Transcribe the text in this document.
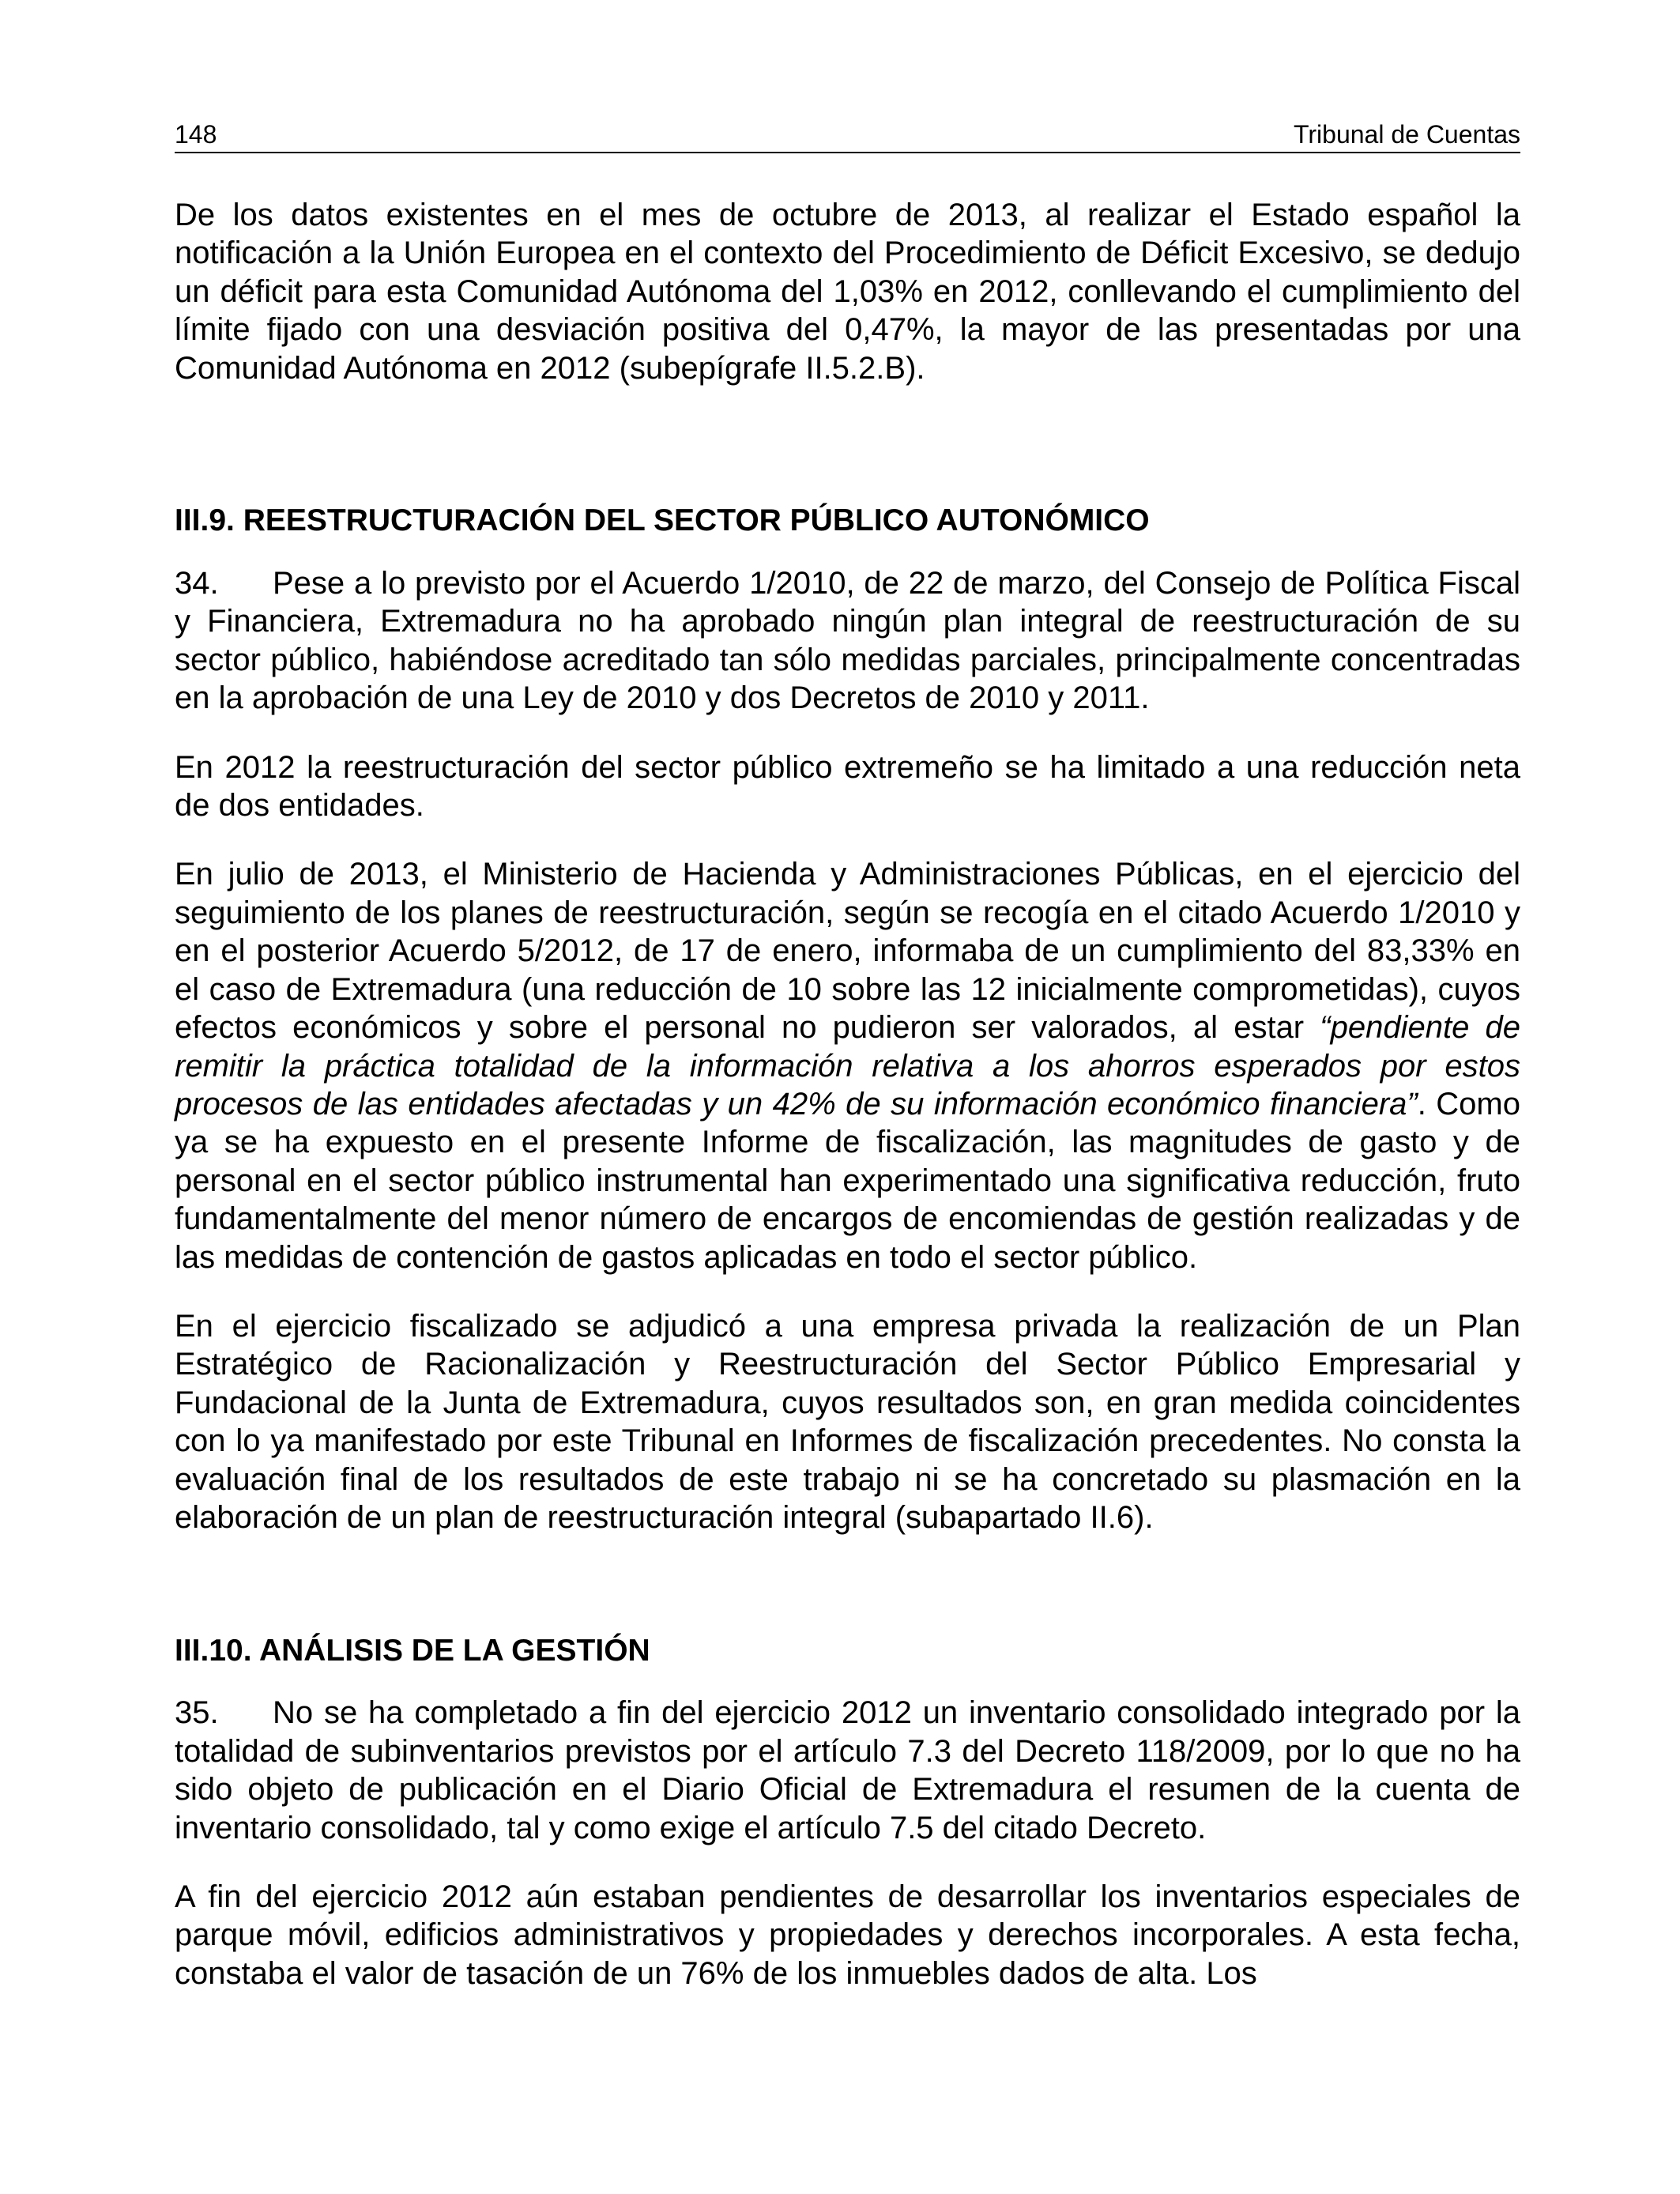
148	Tribunal de Cuentas

De los datos existentes en el mes de octubre de 2013, al realizar el Estado español la notificación a la Unión Europea en el contexto del Procedimiento de Déficit Excesivo, se dedujo un déficit para esta Comunidad Autónoma del 1,03% en 2012, conllevando el cumplimiento del límite fijado con una desviación positiva del 0,47%, la mayor de las presentadas por una Comunidad Autónoma en 2012 (subepígrafe II.5.2.B).

III.9. REESTRUCTURACIÓN DEL SECTOR PÚBLICO AUTONÓMICO

34. Pese a lo previsto por el Acuerdo 1/2010, de 22 de marzo, del Consejo de Política Fiscal y Financiera, Extremadura no ha aprobado ningún plan integral de reestructuración de su sector público, habiéndose acreditado tan sólo medidas parciales, principalmente concentradas en la aprobación de una Ley de 2010 y dos Decretos de 2010 y 2011.

En 2012 la reestructuración del sector público extremeño se ha limitado a una reducción neta de dos entidades.

En julio de 2013, el Ministerio de Hacienda y Administraciones Públicas, en el ejercicio del seguimiento de los planes de reestructuración, según se recogía en el citado Acuerdo 1/2010 y en el posterior Acuerdo 5/2012, de 17 de enero, informaba de un cumplimiento del 83,33% en el caso de Extremadura (una reducción de 10 sobre las 12 inicialmente comprometidas), cuyos efectos económicos y sobre el personal no pudieron ser valorados, al estar “pendiente de remitir la práctica totalidad de la información relativa a los ahorros esperados por estos procesos de las entidades afectadas y un 42% de su información económico financiera”. Como ya se ha expuesto en el presente Informe de fiscalización, las magnitudes de gasto y de personal en el sector público instrumental han experimentado una significativa reducción, fruto fundamentalmente del menor número de encargos de encomiendas de gestión realizadas y de las medidas de contención de gastos aplicadas en todo el sector público.

En el ejercicio fiscalizado se adjudicó a una empresa privada la realización de un Plan Estratégico de Racionalización y Reestructuración del Sector Público Empresarial y Fundacional de la Junta de Extremadura, cuyos resultados son, en gran medida coincidentes con lo ya manifestado por este Tribunal en Informes de fiscalización precedentes. No consta la evaluación final de los resultados de este trabajo ni se ha concretado su plasmación en la elaboración de un plan de reestructuración integral (subapartado II.6).

III.10. ANÁLISIS DE LA GESTIÓN

35. No se ha completado a fin del ejercicio 2012 un inventario consolidado integrado por la totalidad de subinventarios previstos por el artículo 7.3 del Decreto 118/2009, por lo que no ha sido objeto de publicación en el Diario Oficial de Extremadura el resumen de la cuenta de inventario consolidado, tal y como exige el artículo 7.5 del citado Decreto.

A fin del ejercicio 2012 aún estaban pendientes de desarrollar los inventarios especiales de parque móvil, edificios administrativos y propiedades y derechos incorporales. A esta fecha, constaba el valor de tasación de un 76% de los inmuebles dados de alta. Los
